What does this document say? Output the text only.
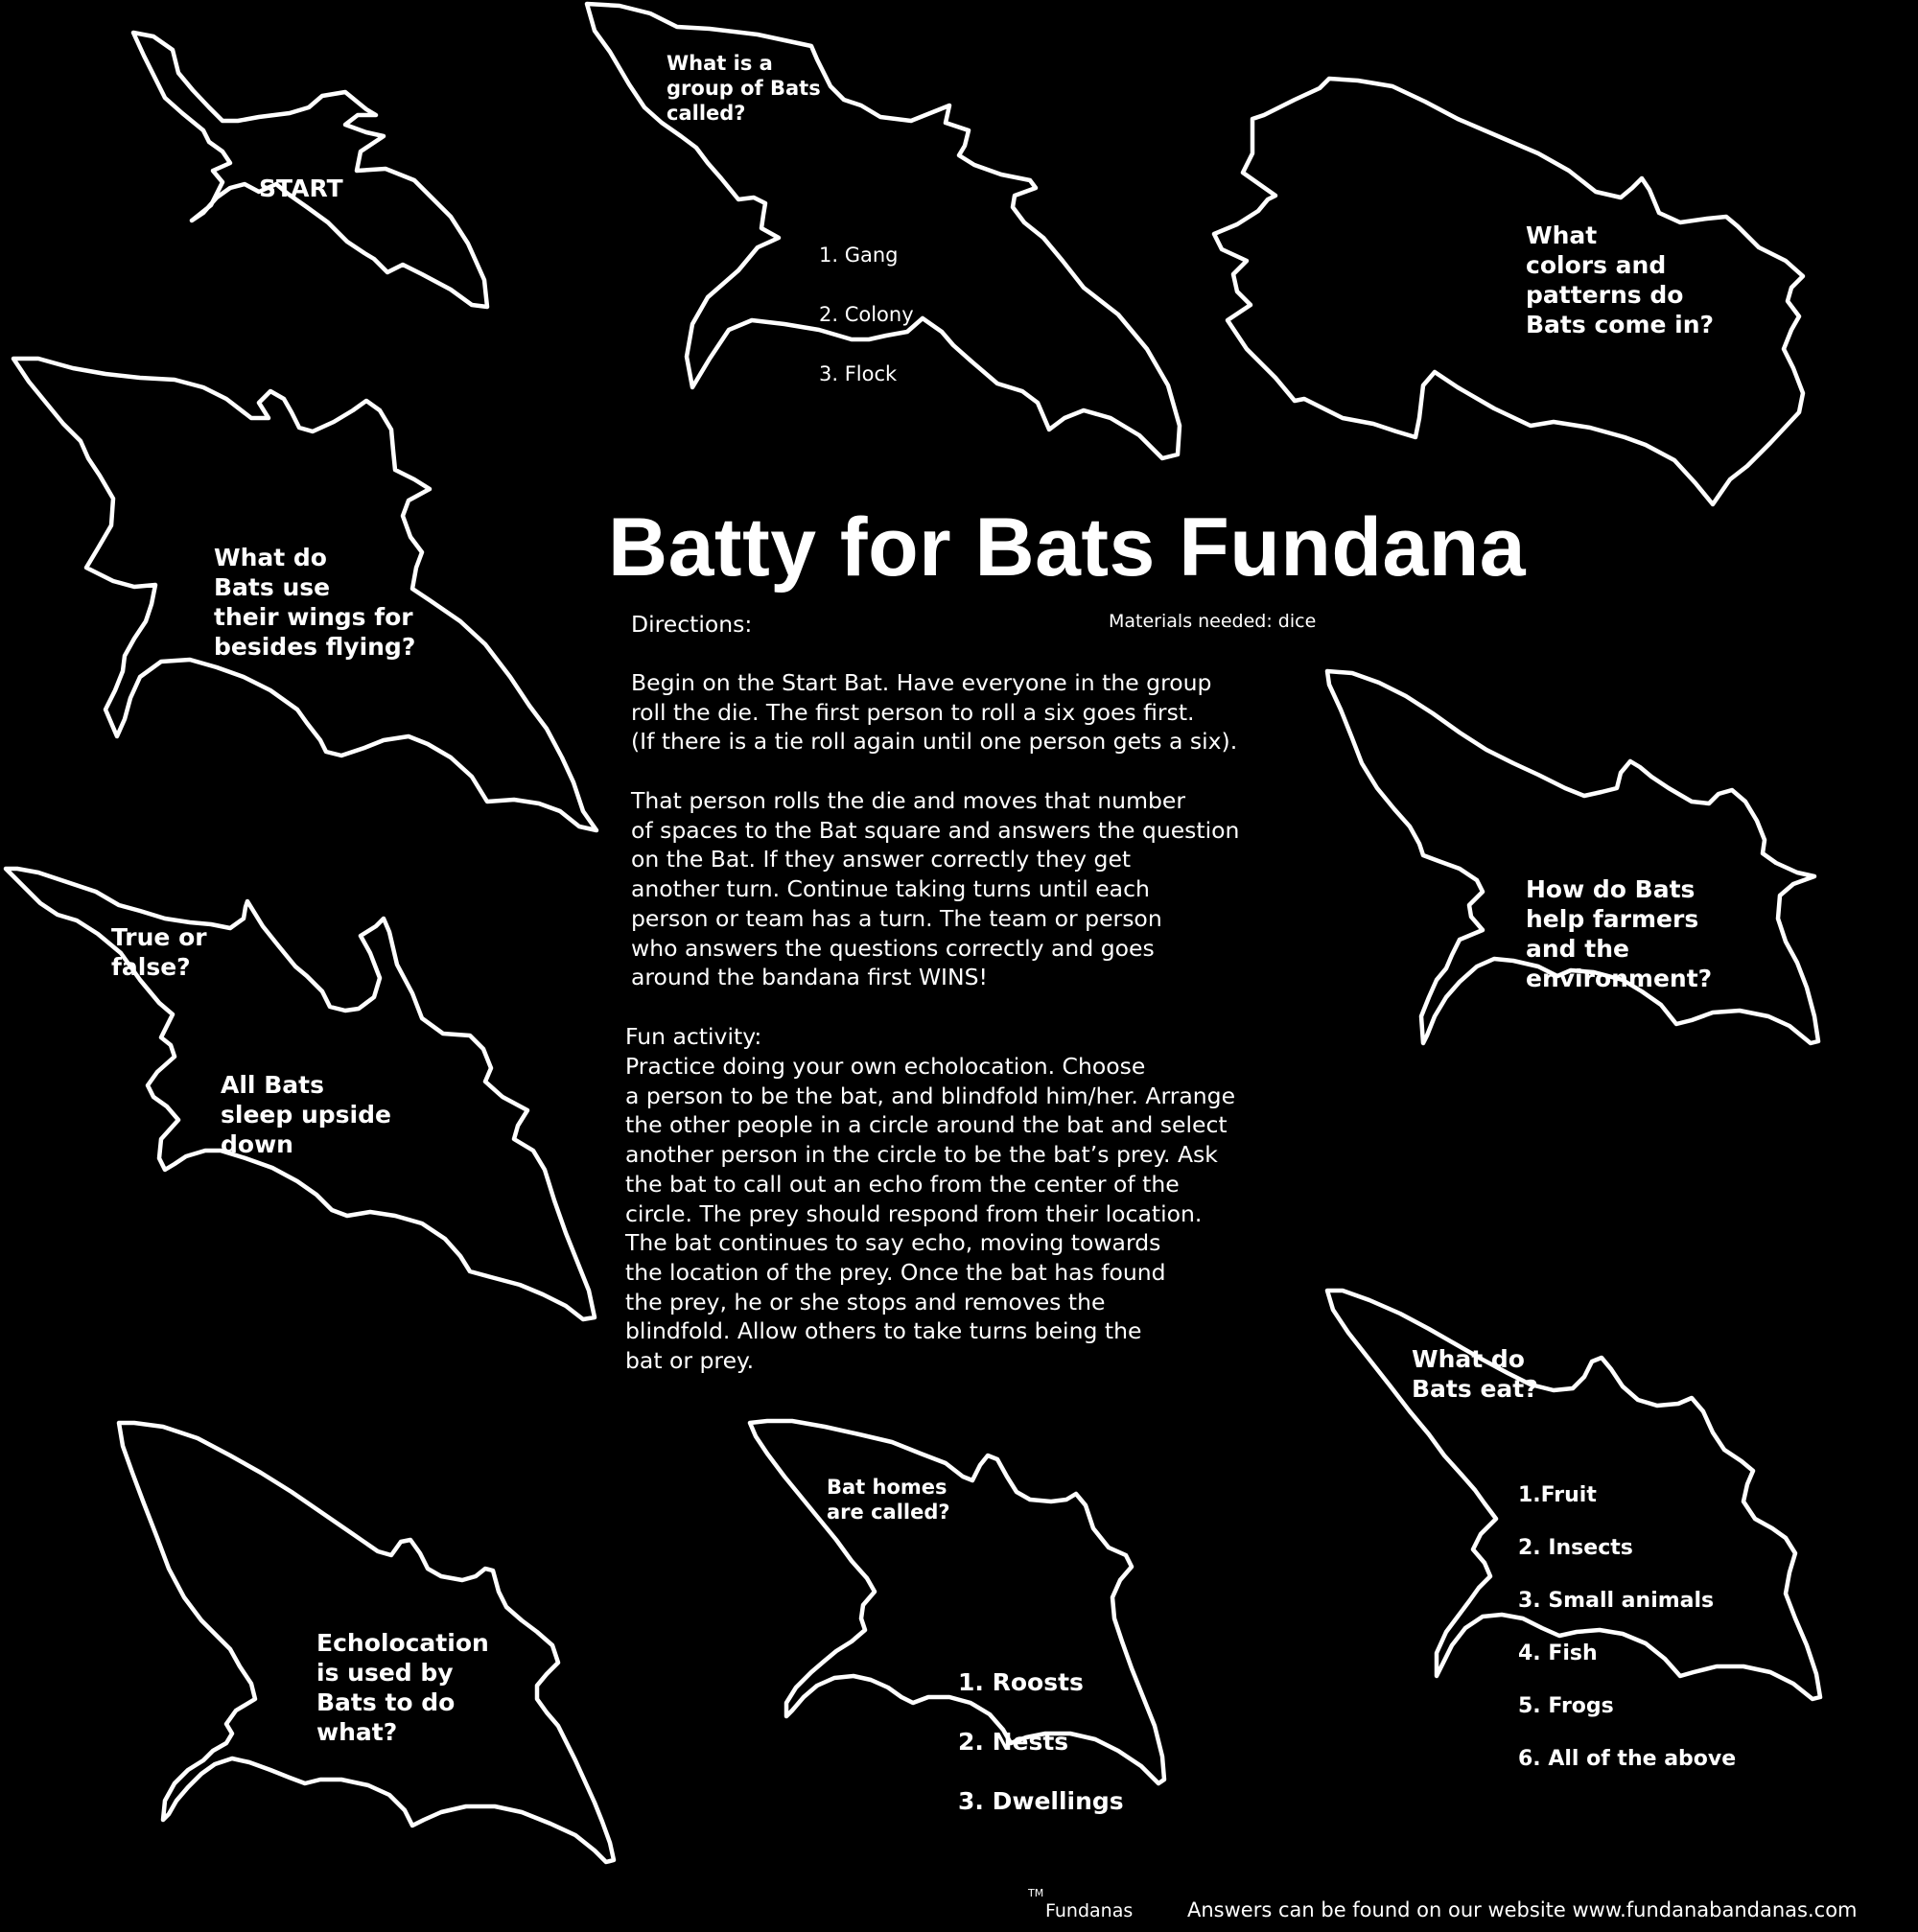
START

What is a
group of Bats
called?

1. Gang

2. Colony

3. Flock

What
colors and
patterns do
Bats come in?

What do
Bats use
their wings for
besides flying?

True or
false?

All Bats
sleep upside
down

How do Bats
help farmers
and the
environment?

Echolocation
is used by
Bats to do
what?

Bat homes
are called?

1. Roosts

2. Nests

3. Dwellings

What do
Bats eat?

1.Fruit

2. Insects

3. Small animals

4. Fish

5. Frogs

6. All of the above

Batty for Bats Fundana

Directions:	Materials needed: dice

Begin on the Start Bat. Have everyone in the group
roll the die. The first person to roll a six goes first.
(If there is a tie roll again until one person gets a six).

That person rolls the die and moves that number
of spaces to the Bat square and answers the question
on the Bat. If they answer correctly they get
another turn. Continue taking turns until each
person or team has a turn. The team or person
who answers the questions correctly and goes
around the bandana first WINS!

Fun activity:

Practice doing your own echolocation. Choose
a person to be the bat, and blindfold him/her. Arrange
the other people in a circle around the bat and select
another person in the circle to be the bat’s prey. Ask
the bat to call out an echo from the center of the
circle. The prey should respond from their location.
The bat continues to say echo, moving towards
the location of the prey. Once the bat has found
the prey, he or she stops and removes the
blindfold. Allow others to take turns being the
bat or prey.

TM
Fundanas	Answers can be found on our website www.fundanabandanas.com
